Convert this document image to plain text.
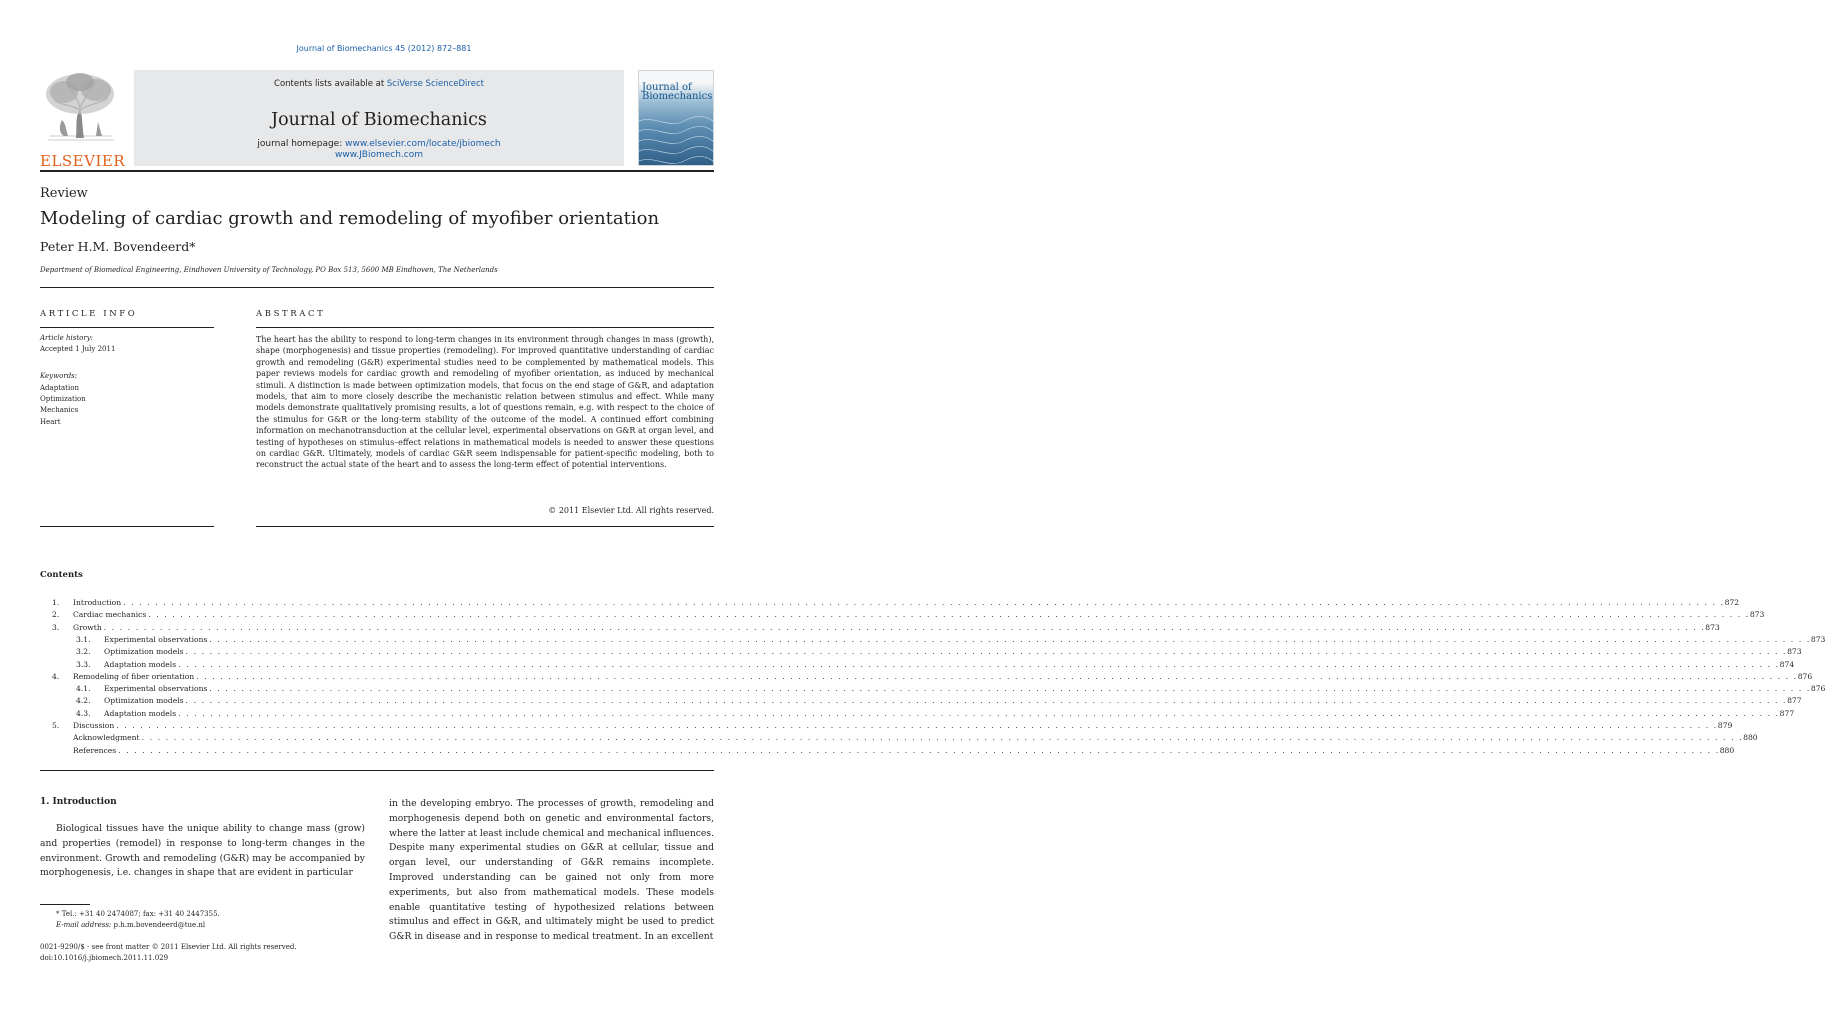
Journal of Biomechanics 45 (2012) 872–881
ELSEVIER
Contents lists available at SciVerse ScienceDirect
Journal of Biomechanics
journal homepage: www.elsevier.com/locate/jbiomech
www.JBiomech.com
Journal of Biomechanics
Review
Modeling of cardiac growth and remodeling of myofiber orientation
Peter H.M. Bovendeerd*
Department of Biomedical Engineering, Eindhoven University of Technology, PO Box 513, 5600 MB Eindhoven, The Netherlands
ARTICLE INFO	ABSTRACT
Article history:
Accepted 1 July 2011
Keywords:
Adaptation
Optimization
Mechanics
Heart
The heart has the ability to respond to long-term changes in its environment through changes in mass (growth), shape (morphogenesis) and tissue properties (remodeling). For improved quantitative understanding of cardiac growth and remodeling (G&R) experimental studies need to be complemented by mathematical models. This paper reviews models for cardiac growth and remodeling of myofiber orientation, as induced by mechanical stimuli. A distinction is made between optimization models, that focus on the end stage of G&R, and adaptation models, that aim to more closely describe the mechanistic relation between stimulus and effect. While many models demonstrate qualitatively promising results, a lot of questions remain, e.g. with respect to the choice of the stimulus for G&R or the long-term stability of the outcome of the model. A continued effort combining information on mechanotransduction at the cellular level, experimental observations on G&R at organ level, and testing of hypotheses on stimulus–effect relations in mathematical models is needed to answer these questions on cardiac G&R. Ultimately, models of cardiac G&R seem indispensable for patient-specific modeling, both to reconstruct the actual state of the heart and to assess the long-term effect of potential interventions.
© 2011 Elsevier Ltd. All rights reserved.
Contents
1.	Introduction . . . . . . . . . . . . . . . . . . . . . . . . . . . . . . . . . . . . . . . . . . . . . . . . . . . . . . . . . . . . . . . . . . . . . . . . . . . . . . . . . . . . . . . . . . . . . . . . . . . . . . . . . . . . . . . . . . . . . . . . . . . . . . . . . . . . . . . . . . . . . . . . . . . . . . . . . . . . . . . . . . . . . . . . . . . . . . . . . . . . . . . . . . . . . . . . . . . . . . . . 872
2.	Cardiac mechanics . . . . . . . . . . . . . . . . . . . . . . . . . . . . . . . . . . . . . . . . . . . . . . . . . . . . . . . . . . . . . . . . . . . . . . . . . . . . . . . . . . . . . . . . . . . . . . . . . . . . . . . . . . . . . . . . . . . . . . . . . . . . . . . . . . . . . . . . . . . . . . . . . . . . . . . . . . . . . . . . . . . . . . . . . . . . . . . . . . . . . . . . . . . . . . . . . . . . . . . . 873
3.	Growth . . . . . . . . . . . . . . . . . . . . . . . . . . . . . . . . . . . . . . . . . . . . . . . . . . . . . . . . . . . . . . . . . . . . . . . . . . . . . . . . . . . . . . . . . . . . . . . . . . . . . . . . . . . . . . . . . . . . . . . . . . . . . . . . . . . . . . . . . . . . . . . . . . . . . . . . . . . . . . . . . . . . . . . . . . . . . . . . . . . . . . . . . . . . . . . . . . . . . . . . 873
3.1.	Experimental observations . . . . . . . . . . . . . . . . . . . . . . . . . . . . . . . . . . . . . . . . . . . . . . . . . . . . . . . . . . . . . . . . . . . . . . . . . . . . . . . . . . . . . . . . . . . . . . . . . . . . . . . . . . . . . . . . . . . . . . . . . . . . . . . . . . . . . . . . . . . . . . . . . . . . . . . . . . . . . . . . . . . . . . . . . . . . . . . . . . . . . . . . . . . . . . . . . . . . . . . . 873
3.2.	Optimization models . . . . . . . . . . . . . . . . . . . . . . . . . . . . . . . . . . . . . . . . . . . . . . . . . . . . . . . . . . . . . . . . . . . . . . . . . . . . . . . . . . . . . . . . . . . . . . . . . . . . . . . . . . . . . . . . . . . . . . . . . . . . . . . . . . . . . . . . . . . . . . . . . . . . . . . . . . . . . . . . . . . . . . . . . . . . . . . . . . . . . . . . . . . . . . . . . . . . . . . . 873
3.3.	Adaptation models . . . . . . . . . . . . . . . . . . . . . . . . . . . . . . . . . . . . . . . . . . . . . . . . . . . . . . . . . . . . . . . . . . . . . . . . . . . . . . . . . . . . . . . . . . . . . . . . . . . . . . . . . . . . . . . . . . . . . . . . . . . . . . . . . . . . . . . . . . . . . . . . . . . . . . . . . . . . . . . . . . . . . . . . . . . . . . . . . . . . . . . . . . . . . . . . . . . . . . . . 874
4.	Remodeling of fiber orientation . . . . . . . . . . . . . . . . . . . . . . . . . . . . . . . . . . . . . . . . . . . . . . . . . . . . . . . . . . . . . . . . . . . . . . . . . . . . . . . . . . . . . . . . . . . . . . . . . . . . . . . . . . . . . . . . . . . . . . . . . . . . . . . . . . . . . . . . . . . . . . . . . . . . . . . . . . . . . . . . . . . . . . . . . . . . . . . . . . . . . . . . . . . . . . . . . . . . . . . . 876
4.1.	Experimental observations . . . . . . . . . . . . . . . . . . . . . . . . . . . . . . . . . . . . . . . . . . . . . . . . . . . . . . . . . . . . . . . . . . . . . . . . . . . . . . . . . . . . . . . . . . . . . . . . . . . . . . . . . . . . . . . . . . . . . . . . . . . . . . . . . . . . . . . . . . . . . . . . . . . . . . . . . . . . . . . . . . . . . . . . . . . . . . . . . . . . . . . . . . . . . . . . . . . . . . . . 876
4.2.	Optimization models . . . . . . . . . . . . . . . . . . . . . . . . . . . . . . . . . . . . . . . . . . . . . . . . . . . . . . . . . . . . . . . . . . . . . . . . . . . . . . . . . . . . . . . . . . . . . . . . . . . . . . . . . . . . . . . . . . . . . . . . . . . . . . . . . . . . . . . . . . . . . . . . . . . . . . . . . . . . . . . . . . . . . . . . . . . . . . . . . . . . . . . . . . . . . . . . . . . . . . . . 877
4.3.	Adaptation models . . . . . . . . . . . . . . . . . . . . . . . . . . . . . . . . . . . . . . . . . . . . . . . . . . . . . . . . . . . . . . . . . . . . . . . . . . . . . . . . . . . . . . . . . . . . . . . . . . . . . . . . . . . . . . . . . . . . . . . . . . . . . . . . . . . . . . . . . . . . . . . . . . . . . . . . . . . . . . . . . . . . . . . . . . . . . . . . . . . . . . . . . . . . . . . . . . . . . . . . 877
5.	Discussion . . . . . . . . . . . . . . . . . . . . . . . . . . . . . . . . . . . . . . . . . . . . . . . . . . . . . . . . . . . . . . . . . . . . . . . . . . . . . . . . . . . . . . . . . . . . . . . . . . . . . . . . . . . . . . . . . . . . . . . . . . . . . . . . . . . . . . . . . . . . . . . . . . . . . . . . . . . . . . . . . . . . . . . . . . . . . . . . . . . . . . . . . . . . . . . . . . . . . . . . 879
Acknowledgment . . . . . . . . . . . . . . . . . . . . . . . . . . . . . . . . . . . . . . . . . . . . . . . . . . . . . . . . . . . . . . . . . . . . . . . . . . . . . . . . . . . . . . . . . . . . . . . . . . . . . . . . . . . . . . . . . . . . . . . . . . . . . . . . . . . . . . . . . . . . . . . . . . . . . . . . . . . . . . . . . . . . . . . . . . . . . . . . . . . . . . . . . . . . . . . . . . . . . . . . 880
References . . . . . . . . . . . . . . . . . . . . . . . . . . . . . . . . . . . . . . . . . . . . . . . . . . . . . . . . . . . . . . . . . . . . . . . . . . . . . . . . . . . . . . . . . . . . . . . . . . . . . . . . . . . . . . . . . . . . . . . . . . . . . . . . . . . . . . . . . . . . . . . . . . . . . . . . . . . . . . . . . . . . . . . . . . . . . . . . . . . . . . . . . . . . . . . . . . . . . . . . 880
1. Introduction
Biological tissues have the unique ability to change mass (grow) and properties (remodel) in response to long-term changes in the environment. Growth and remodeling (G&R) may be accompanied by morphogenesis, i.e. changes in shape that are evident in particular
* Tel.: +31 40 2474087; fax: +31 40 2447355.
E-mail address: p.h.m.bovendeerd@tue.nl
0021-9290/$ - see front matter © 2011 Elsevier Ltd. All rights reserved.
doi:10.1016/j.jbiomech.2011.11.029
in the developing embryo. The processes of growth, remodeling and morphogenesis depend both on genetic and environmental factors, where the latter at least include chemical and mechanical influences. Despite many experimental studies on G&R at cellular, tissue and organ level, our understanding of G&R remains incomplete. Improved understanding can be gained not only from more experiments, but also from mathematical models. These models enable quantitative testing of hypothesized relations between stimulus and effect in G&R, and ultimately might be used to predict G&R in disease and in response to medical treatment. In an excellent
